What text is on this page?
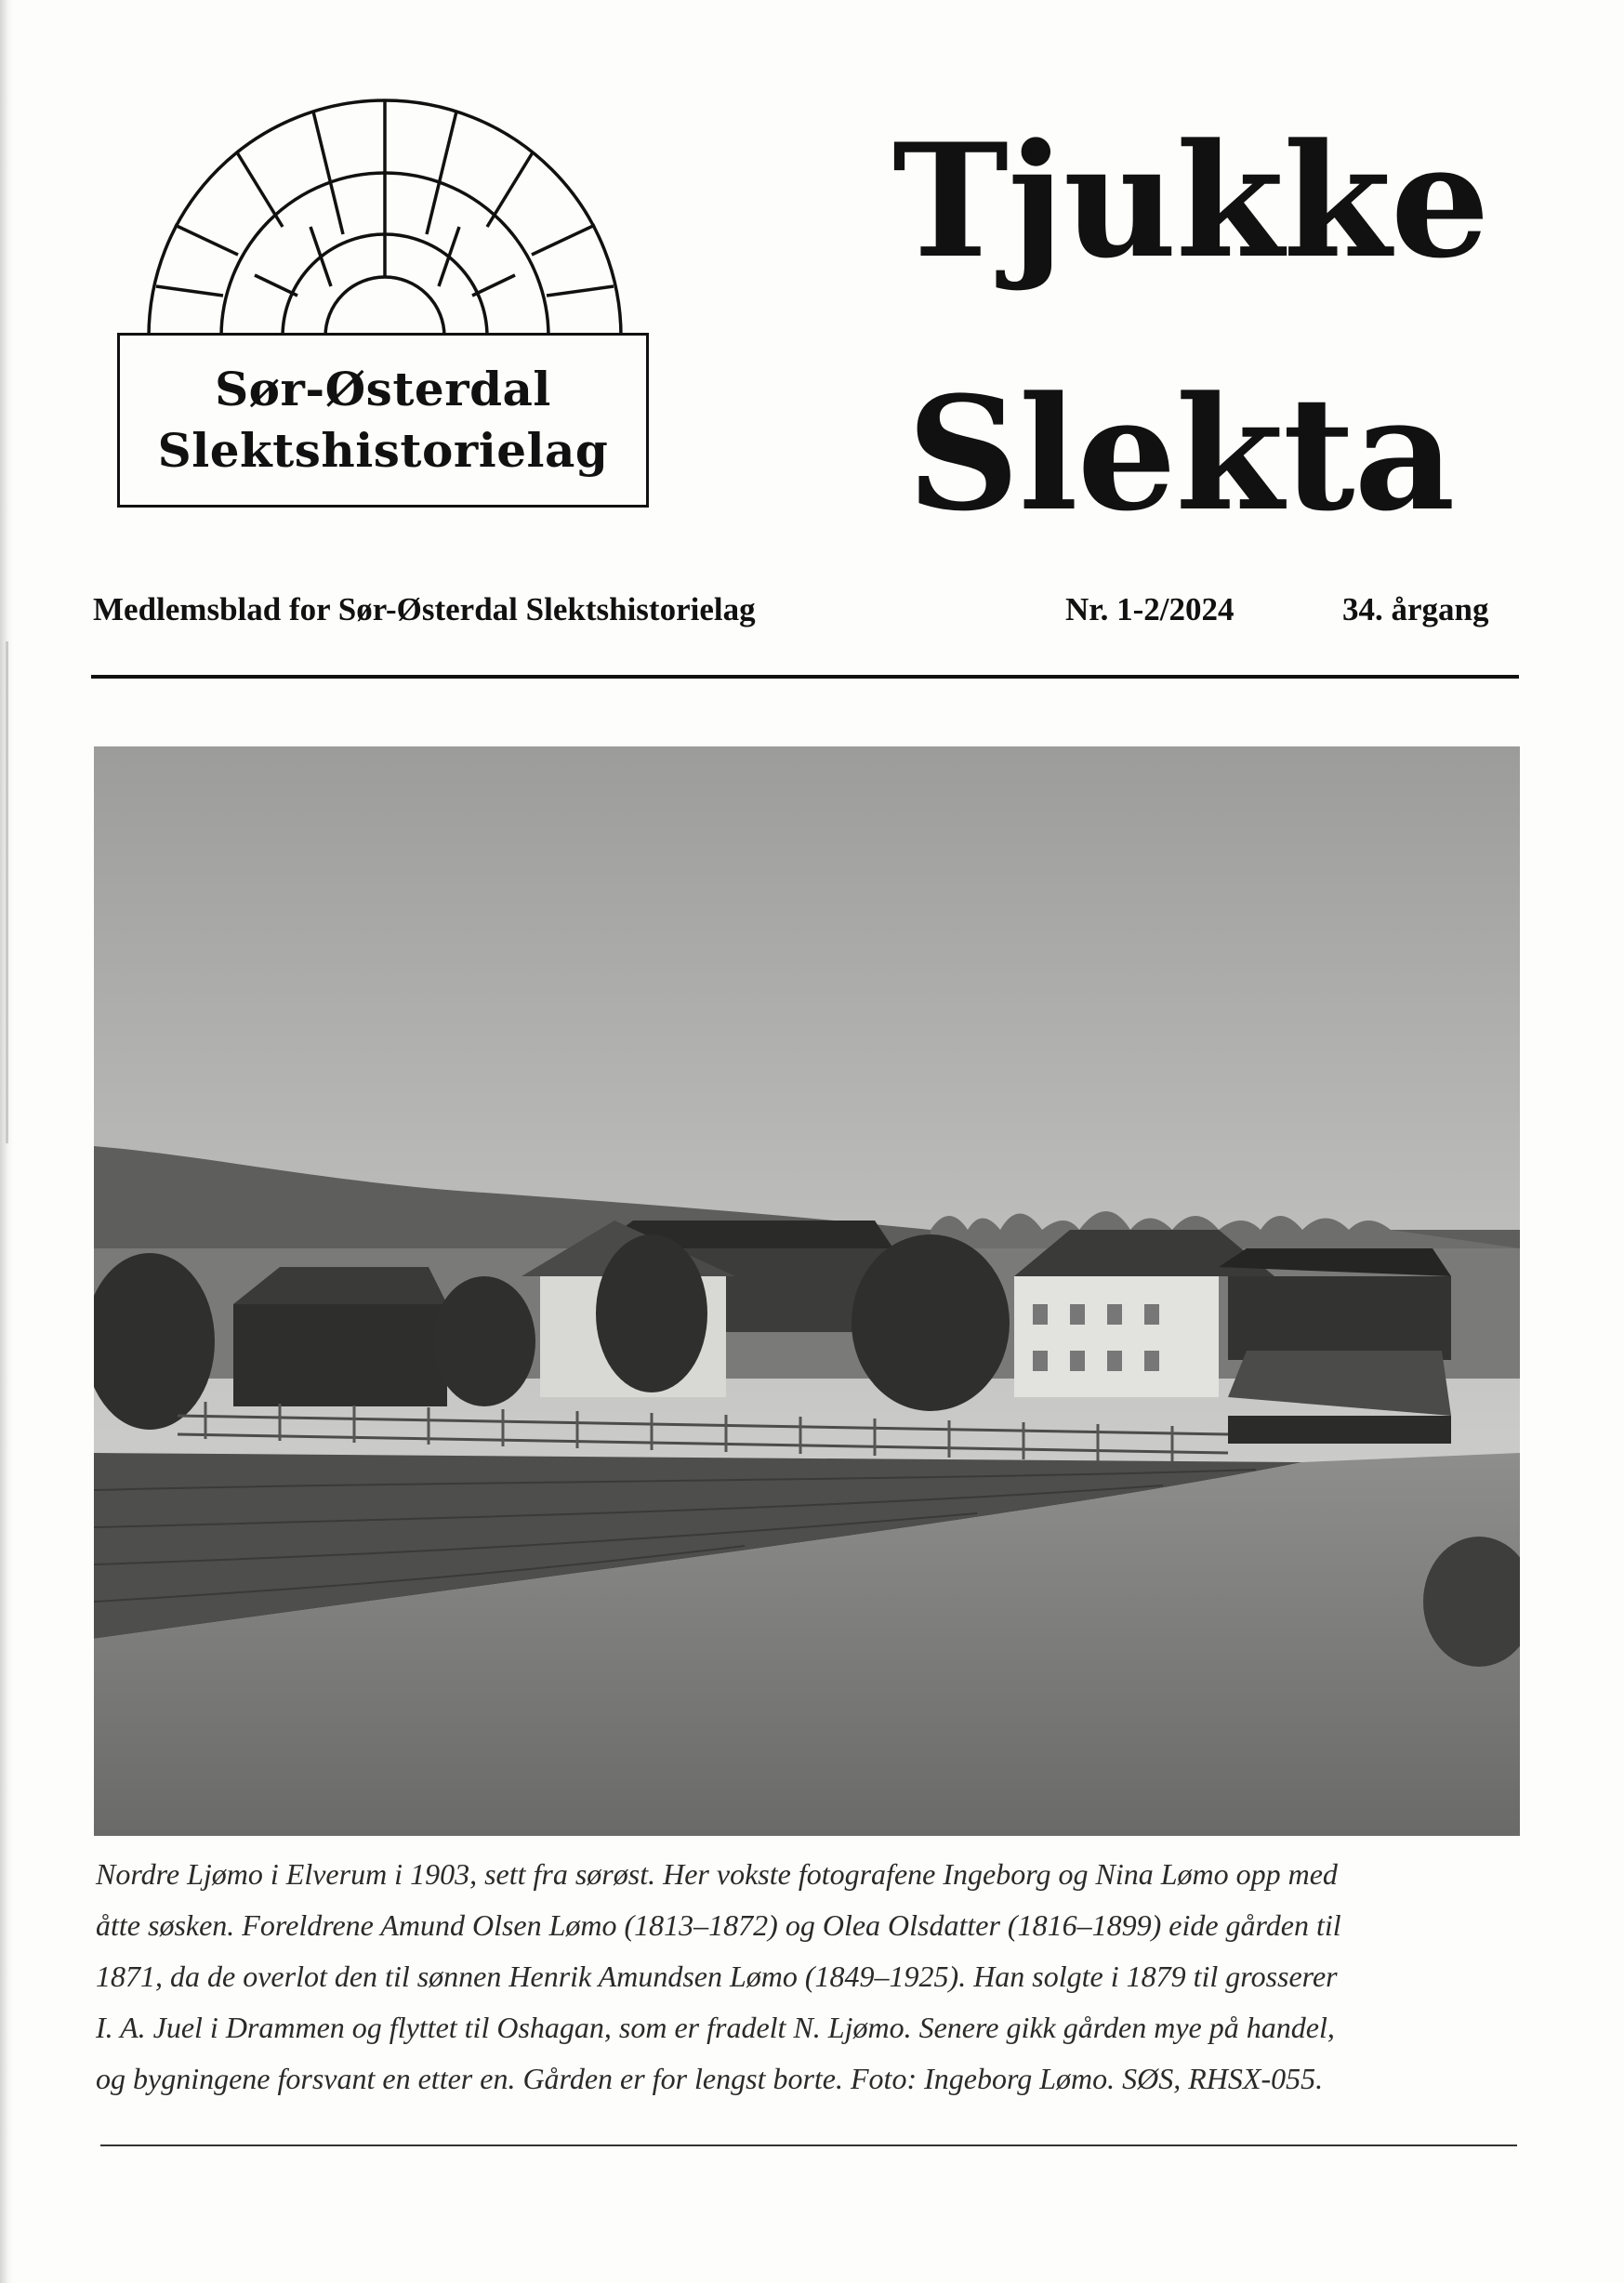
Sør-Østerdal
Slektshistorielag
Tjukke
Slekta
Medlemsblad for Sør-Østerdal Slektshistorielag	Nr. 1-2/2024	34. årgang
Nordre Ljømo i Elverum i 1903, sett fra sørøst. Her vokste fotografene Ingeborg og Nina Lømo opp med
åtte søsken. Foreldrene Amund Olsen Lømo (1813–1872) og Olea Olsdatter (1816–1899) eide gården til
1871, da de overlot den til sønnen Henrik Amundsen Lømo (1849–1925). Han solgte i 1879 til grosserer
I. A. Juel i Drammen og flyttet til Oshagan, som er fradelt N. Ljømo. Senere gikk gården mye på handel,
og bygningene forsvant en etter en. Gården er for lengst borte. Foto: Ingeborg Lømo. SØS, RHSX-055.
